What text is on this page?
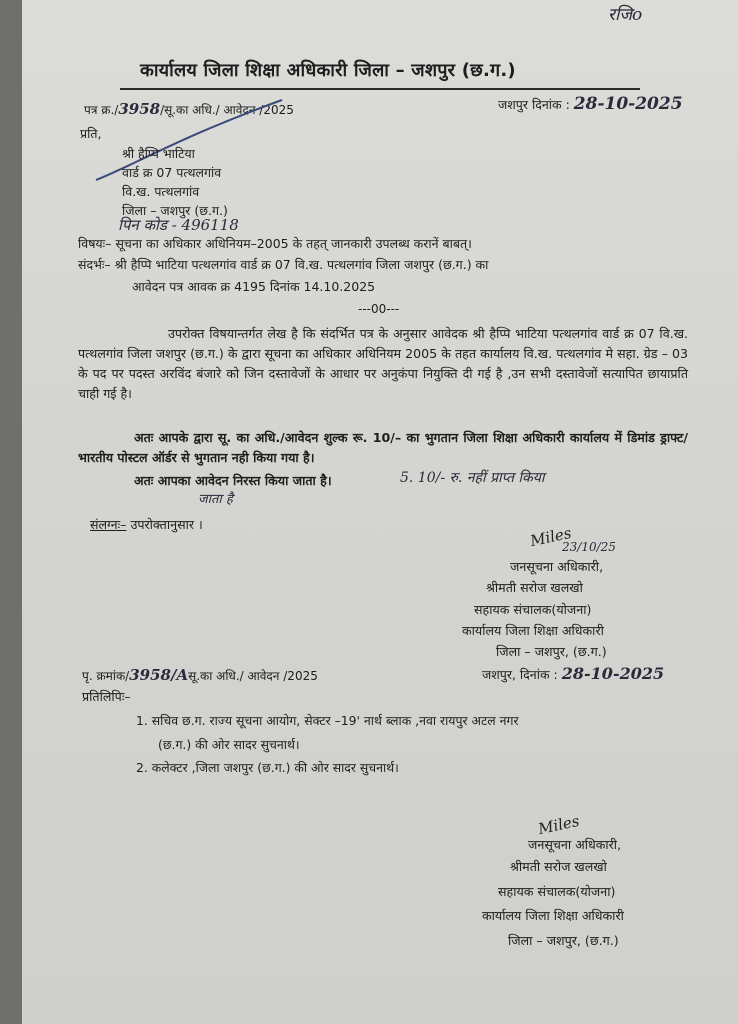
रजिo
कार्यालय जिला शिक्षा अधिकारी जिला – जशपुर (छ.ग.)
पत्र क्र./3958/सू.का अधि./ आवेदन /2025	जशपुर दिनांक : 28-10-2025
प्रति,
श्री हैप्पि भाटिया
वार्ड क्र 07 पत्थलगांव
वि.ख. पत्थलगांव
जिला – जशपुर (छ.ग.)
पिन कोड - 496118
विषयः– सूचना का अधिकार अधिनियम–2005 के तहत् जानकारी उपलब्ध करानें बाबत्।
संदर्भः– श्री हैप्पि भाटिया पत्थलगांव वार्ड क्र 07 वि.ख. पत्थलगांव जिला जशपुर (छ.ग.) का
आवेदन पत्र आवक क्र 4195 दिनांक 14.10.2025
---00---
उपरोक्त विषयान्तर्गत लेख है कि संदर्भित पत्र के अनुसार आवेदक श्री हैप्पि भाटिया पत्थलगांव वार्ड क्र 07 वि.ख. पत्थलगांव जिला जशपुर (छ.ग.) के द्वारा सूचना का अधिकार अधिनियम 2005 के तहत कार्यालय वि.ख. पत्थलगांव मे सहा. ग्रेड – 03 के पद पर पदस्त अरविंद बंजारे को जिन दस्तावेजों के आधार पर अनुकंपा नियुक्ति दी गई है ,उन सभी दस्तावेजों सत्यापित छायाप्रति चाही गई है।
अतः आपके द्वारा सू. का अधि./आवेदन शुल्क रू. 10/– का भुगतान जिला शिक्षा अधिकारी कार्यालय में डिमांड ड्राफ्ट/भारतीय पोस्टल ऑर्डर से भुगतान नही किया गया है।
अतः आपका आवेदन निरस्त किया जाता है।	5. 10/- रु. नहीं प्राप्त किया
जाता है
संलग्नः– उपरोक्तानुसार ।	Miles
23/10/25
जनसूचना अधिकारी,
श्रीमती सरोज खलखो
सहायक संचालक(योजना)
कार्यालय जिला शिक्षा अधिकारी
जिला – जशपुर, (छ.ग.)
पृ. क्रमांक/3958/Aसू.का अधि./ आवेदन /2025	जशपुर, दिनांक : 28-10-2025
प्रतिलिपिः–
1. सचिव छ.ग. राज्य सूचना आयोग, सेक्टर –19' नार्थ ब्लाक ,नवा रायपुर अटल नगर
(छ.ग.) की ओर सादर सुचनार्थ।
2. कलेक्टर ,जिला जशपुर (छ.ग.) की ओर सादर सुचनार्थ।
Miles
जनसूचना अधिकारी,
श्रीमती सरोज खलखो
सहायक संचालक(योजना)
कार्यालय जिला शिक्षा अधिकारी
जिला – जशपुर, (छ.ग.)
